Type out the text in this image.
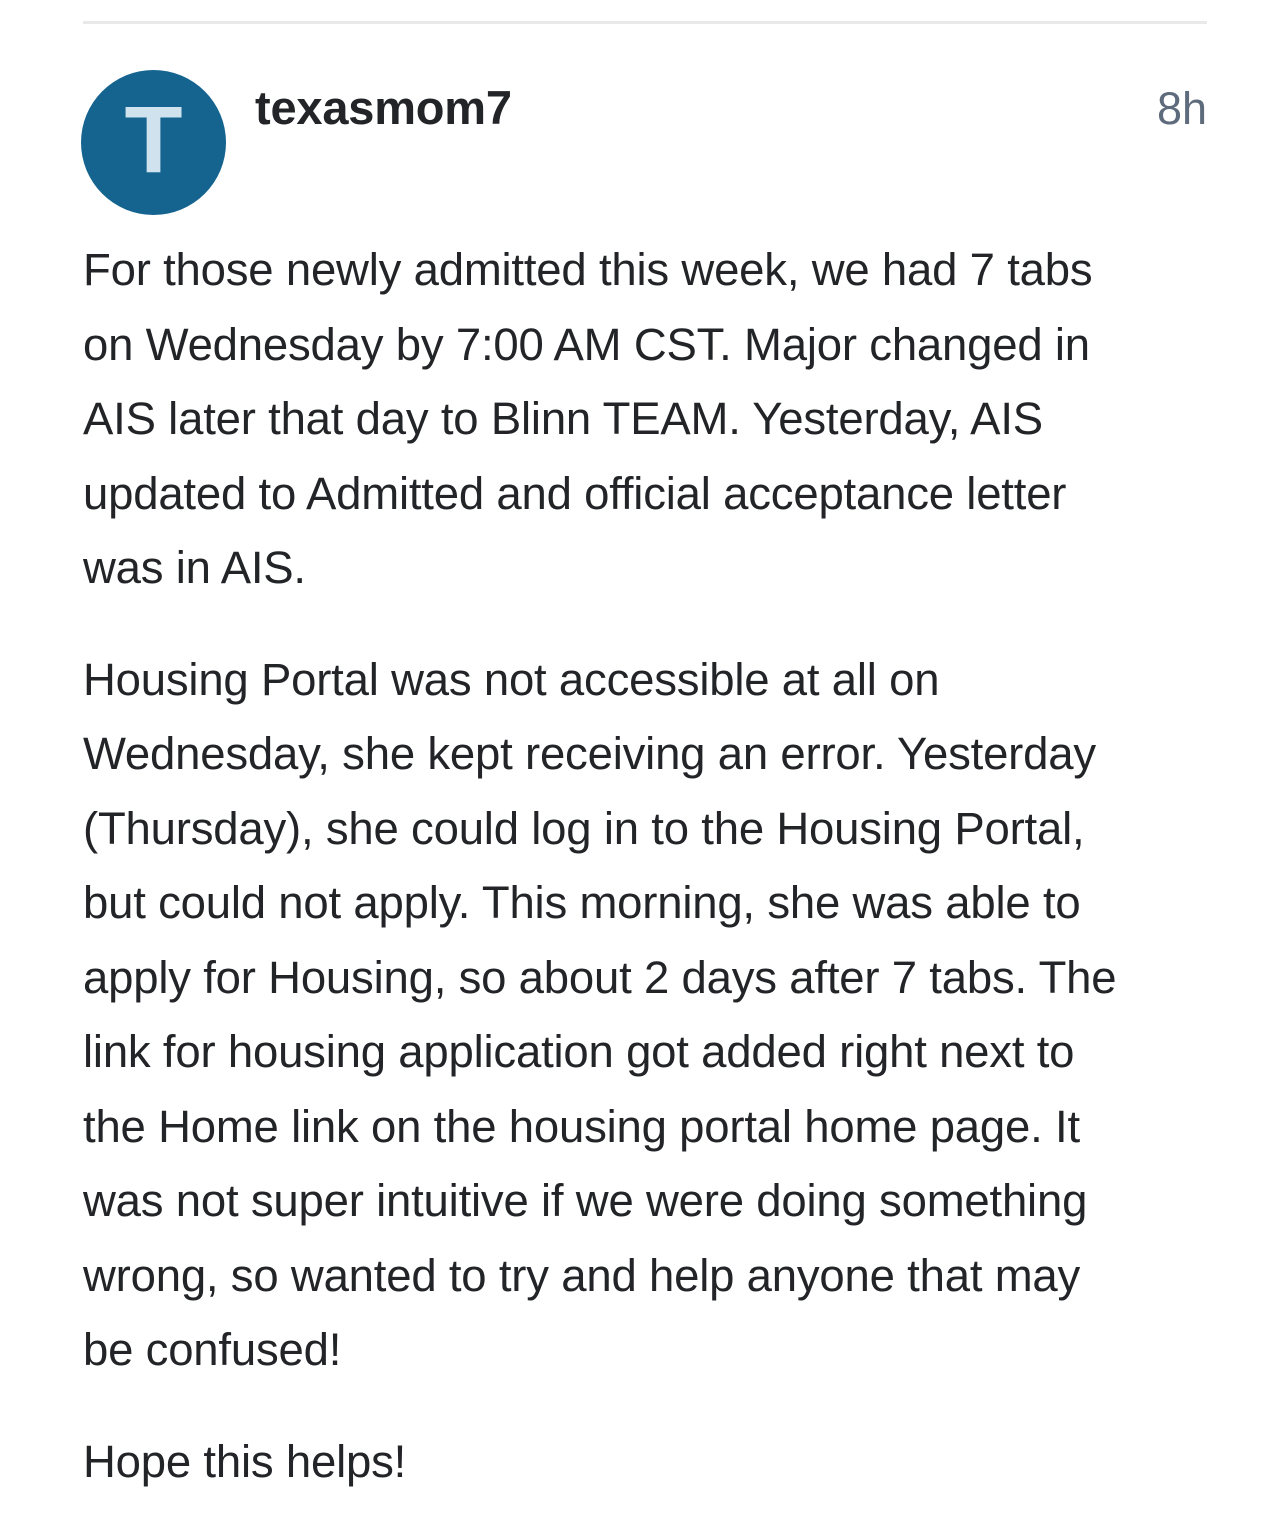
T texasmom7	8h
For those newly admitted this week, we had 7 tabs
on Wednesday by 7:00 AM CST. Major changed in
AIS later that day to Blinn TEAM. Yesterday, AIS
updated to Admitted and official acceptance letter
was in AIS.
Housing Portal was not accessible at all on
Wednesday, she kept receiving an error. Yesterday
(Thursday), she could log in to the Housing Portal,
but could not apply. This morning, she was able to
apply for Housing, so about 2 days after 7 tabs. The
link for housing application got added right next to
the Home link on the housing portal home page. It
was not super intuitive if we were doing something
wrong, so wanted to try and help anyone that may
be confused!
Hope this helps!
